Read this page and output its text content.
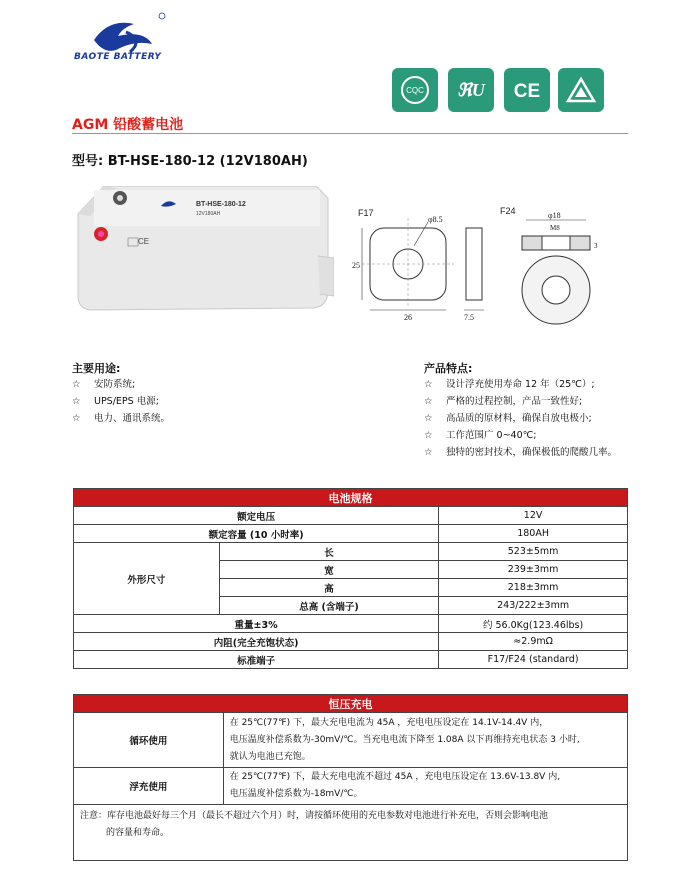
BAOTE BATTERY
CQC ℜU CE
AGM 铅酸蓄电池
型号: BT-HSE-180-12 (12V180AH)
BT-HSE-180-12
12V180AH
CE
F17
φ8.5
25
26	7.5
F24	φ18
M8
3
主要用途:
☆ 安防系统;
☆ UPS/EPS 电源;
☆ 电力、通讯系统。
产品特点:
☆ 设计浮充使用寿命 12 年（25℃）;
☆ 严格的过程控制，产品一致性好;
☆ 高品质的原材料，确保自放电极小;
☆ 工作范围广 0~40℃;
☆ 独特的密封技术，确保极低的爬酸几率。
电池规格		
额定电压		12V
额定容量 (10 小时率)		180AH
外形尺寸	长	523±5mm
	宽	239±3mm
	高	218±3mm
	总高 (含端子)	243/222±3mm
重量±3%		约 56.0Kg(123.46lbs)
内阻(完全充饱状态)		≈2.9mΩ
标准端子		F17/F24 (standard)
恒压充电	
循环使用	在 25℃(77℉) 下，最大充电电流为 45A ，充电电压设定在 14.1V-14.4V 内，
电压温度补偿系数为-30mV/℃。当充电电流下降至 1.08A 以下再维持充电状态 3 小时,
就认为电池已充饱。

浮充使用	在 25℃(77℉) 下，最大充电电流不超过 45A ，充电电压设定在 13.6V-13.8V 内,
电压温度补偿系数为-18mV/℃。
注意：库存电池最好每三个月（最长不超过六个月）时，请按循环使用的充电参数对电池进行补充电，否则会影响电池
的容量和寿命。
